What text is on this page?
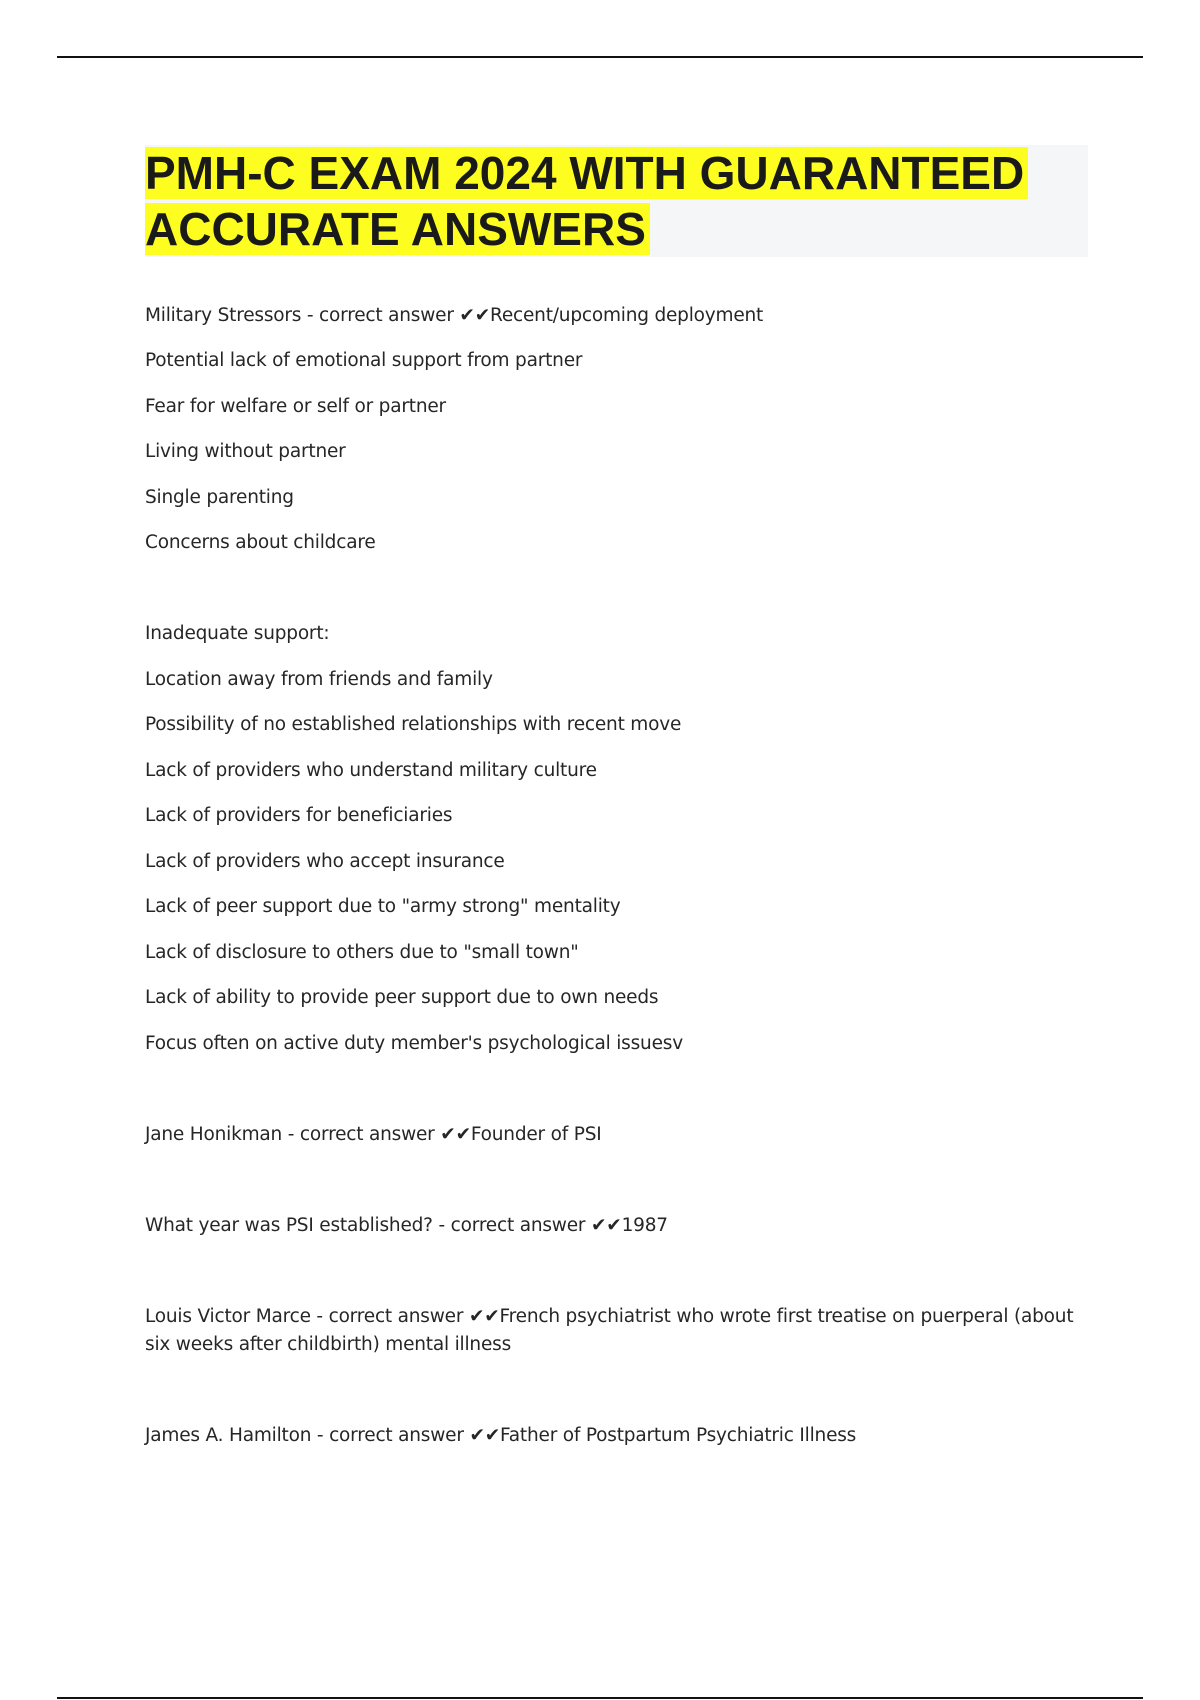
PMH-C EXAM 2024 WITH GUARANTEED
ACCURATE ANSWERS

Military Stressors - correct answer ✔✔Recent/upcoming deployment

Potential lack of emotional support from partner

Fear for welfare or self or partner

Living without partner

Single parenting

Concerns about childcare

Inadequate support:

Location away from friends and family

Possibility of no established relationships with recent move

Lack of providers who understand military culture

Lack of providers for beneficiaries

Lack of providers who accept insurance

Lack of peer support due to "army strong" mentality

Lack of disclosure to others due to "small town"

Lack of ability to provide peer support due to own needs

Focus often on active duty member's psychological issuesv

Jane Honikman - correct answer ✔✔Founder of PSI

What year was PSI established? - correct answer ✔✔1987

Louis Victor Marce - correct answer ✔✔French psychiatrist who wrote first treatise on puerperal (about six weeks after childbirth) mental illness

James A. Hamilton - correct answer ✔✔Father of Postpartum Psychiatric Illness
